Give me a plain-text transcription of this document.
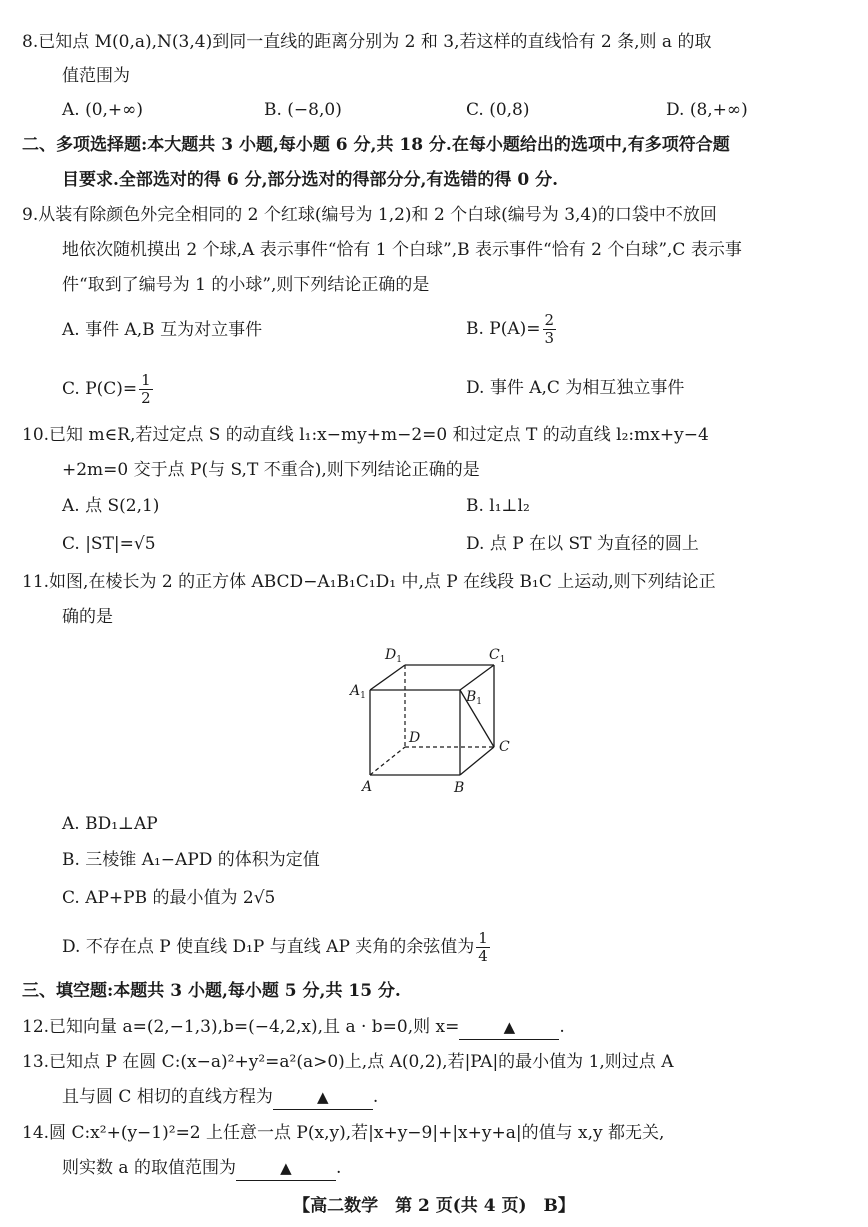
8.已知点 M(0,a),N(3,4)到同一直线的距离分别为 2 和 3,若这样的直线恰有 2 条,则 a 的取
值范围为
A. (0,+∞)	B. (−8,0)	C. (0,8)	D. (8,+∞)
二、多项选择题:本大题共 3 小题,每小题 6 分,共 18 分.在每小题给出的选项中,有多项符合题
目要求.全部选对的得 6 分,部分选对的得部分分,有选错的得 0 分.
9.从装有除颜色外完全相同的 2 个红球(编号为 1,2)和 2 个白球(编号为 3,4)的口袋中不放回
地依次随机摸出 2 个球,A 表示事件“恰有 1 个白球”,B 表示事件“恰有 2 个白球”,C 表示事
件“取到了编号为 1 的小球”,则下列结论正确的是
A. 事件 A,B 互为对立事件	B. $P(A)= \frac{2}{3}$
C. $P(C)= \frac{1}{2}$	D. 事件 A,C 为相互独立事件
10.已知 m∈R,若过定点 S 的动直线 l₁:x−my+m−2=0 和过定点 T 的动直线 l₂:mx+y−4
+2m=0 交于点 P(与 S,T 不重合),则下列结论正确的是
A. 点 S(2,1)	B. l₁⊥l₂
C. |ST|=√5	D. 点 P 在以 ST 为直径的圆上
11.如图,在棱长为 2 的正方体 ABCD−A₁B₁C₁D₁ 中,点 P 在线段 B₁C 上运动,则下列结论正
确的是
$D_1$	$C_1$
$A_1$	$B_1$
D
C
A	B
A. BD₁⊥AP
B. 三棱锥 A₁−APD 的体积为定值
C. AP+PB 的最小值为 2√5
D. 不存在点 P 使直线 D₁P 与直线 AP 夹角的余弦值为 $\frac{1}{4}$
三、填空题:本题共 3 小题,每小题 5 分,共 15 分.
12.已知向量 a=(2,−1,3),b=(−4,2,x),且 a · b=0,则 x=	▲	.
13.已知点 P 在圆 C:(x−a)²+y²=a²(a>0)上,点 A(0,2),若|PA|的最小值为 1,则过点 A
且与圆 C 相切的直线方程为	▲	.
14.圆 C:x²+(y−1)²=2 上任意一点 P(x,y),若|x+y−9|+|x+y+a|的值与 x,y 都无关,
则实数 a 的取值范围为	▲	.
【高二数学　第 2 页(共 4 页)　B】
